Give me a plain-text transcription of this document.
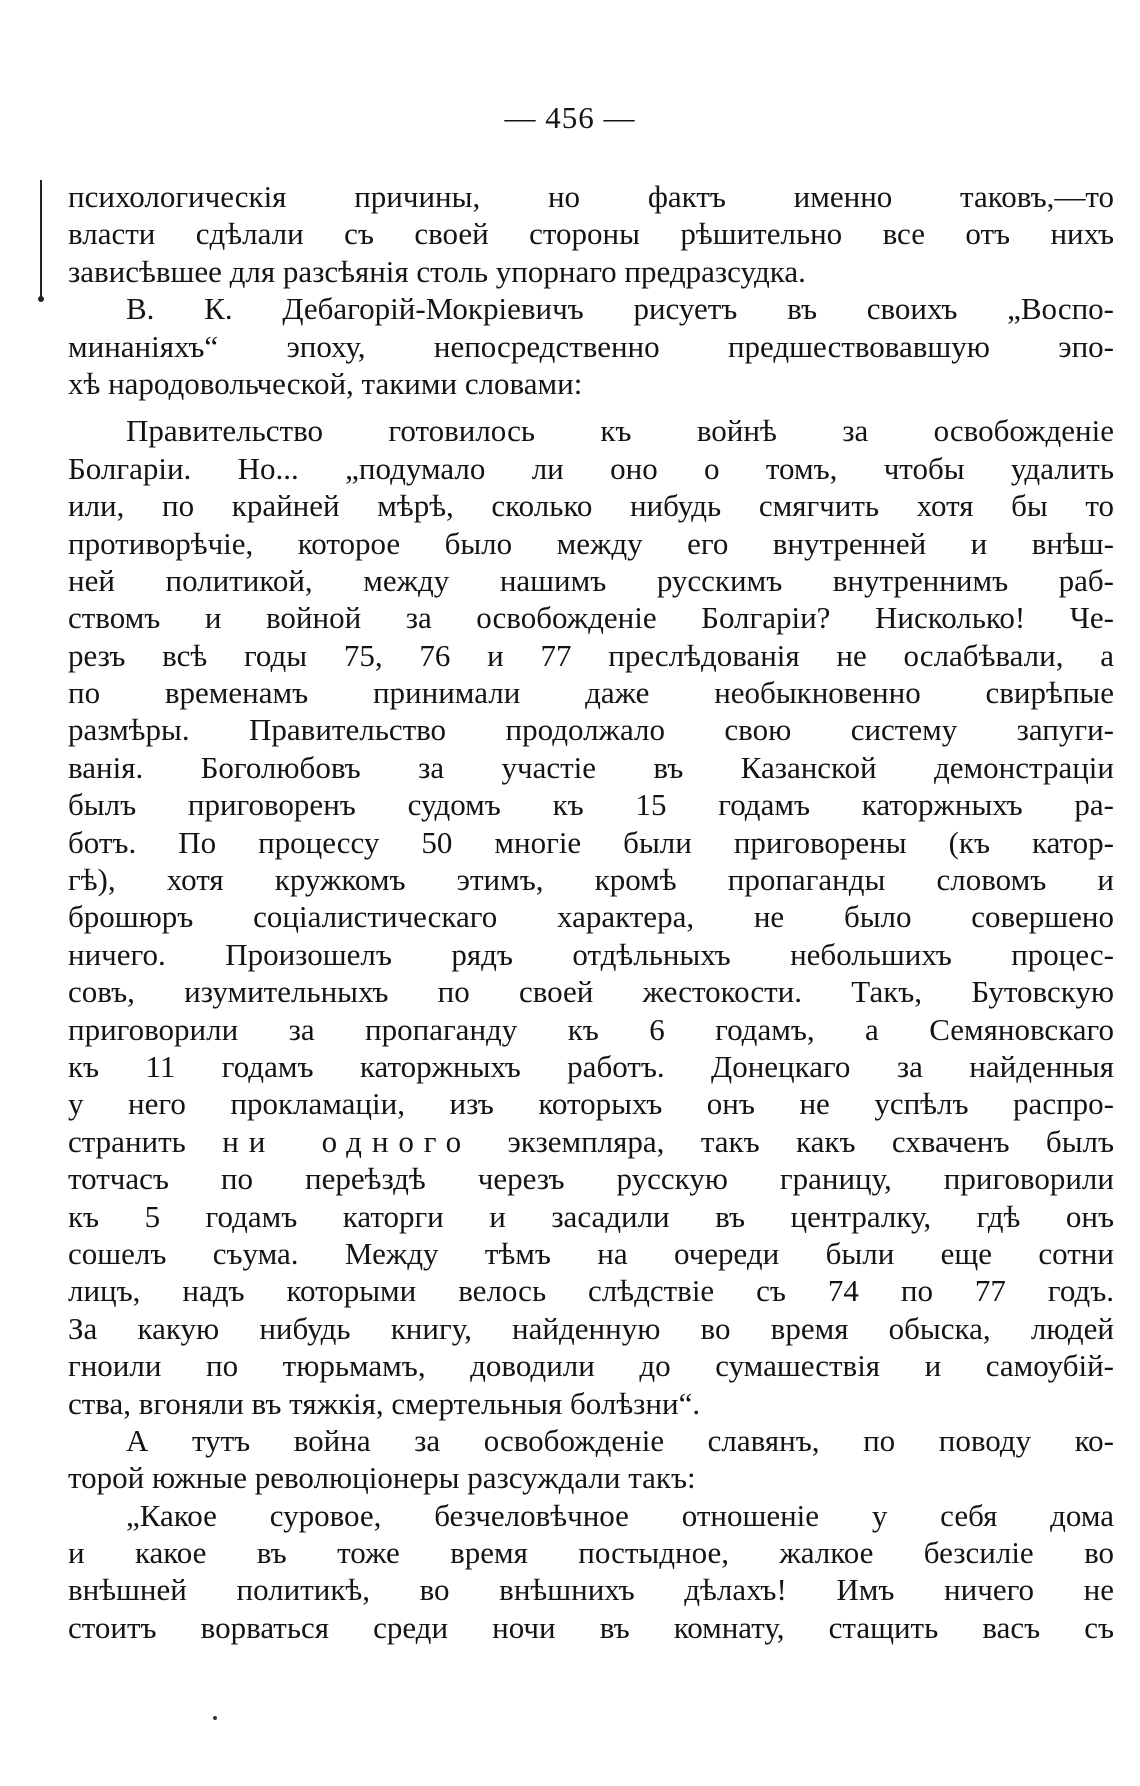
— 456 —
психологическія причины, но фактъ именно таковъ,—то
власти сдѣлали съ своей стороны рѣшительно все отъ нихъ
зависѣвшее для разсѣянія столь упорнаго предразсудка.
В. К. Дебагорій-Мокріевичъ рисуетъ въ своихъ „Воспо-
минаніяхъ“ эпоху, непосредственно предшествовавшую эпо-
хѣ народовольческой, такими словами:
Правительство готовилось къ войнѣ за освобожденіе
Болгаріи. Но... „подумало ли оно о томъ, чтобы удалить
или, по крайней мѣрѣ, сколько нибудь смягчить хотя бы то
противорѣчіе, которое было между его внутренней и внѣш-
ней политикой, между нашимъ русскимъ внутреннимъ раб-
ствомъ и войной за освобожденіе Болгаріи? Нисколько! Че-
резъ всѣ годы 75, 76 и 77 преслѣдованія не ослабѣвали, а
по временамъ принимали даже необыкновенно свирѣпые
размѣры. Правительство продолжало свою систему запуги-
ванія. Боголюбовъ за участіе въ Казанской демонстраціи
былъ приговоренъ судомъ къ 15 годамъ каторжныхъ ра-
ботъ. По процессу 50 многіе были приговорены (къ катор-
гѣ), хотя кружкомъ этимъ, кромѣ пропаганды словомъ и
брошюръ соціалистическаго характера, не было совершено
ничего. Произошелъ рядъ отдѣльныхъ небольшихъ процес-
совъ, изумительныхъ по своей жестокости. Такъ, Бутовскую
приговорили за пропаганду къ 6 годамъ, а Семяновскаго
къ 11 годамъ каторжныхъ работъ. Донецкаго за найденныя
у него прокламаціи, изъ которыхъ онъ не успѣлъ распро-
странить ни одного экземпляра, такъ какъ схваченъ былъ
тотчасъ по переѣздѣ черезъ русскую границу, приговорили
къ 5 годамъ каторги и засадили въ централку, гдѣ онъ
сошелъ съума. Между тѣмъ на очереди были еще сотни
лицъ, надъ которыми велось слѣдствіе съ 74 по 77 годъ.
За какую нибудь книгу, найденную во время обыска, людей
гноили по тюрьмамъ, доводили до сумашествія и самоубій-
ства, вгоняли въ тяжкія, смертельныя болѣзни“.
А тутъ война за освобожденіе славянъ, по поводу ко-
торой южные революціонеры разсуждали такъ:
„Какое суровое, безчеловѣчное отношеніе у себя дома
и какое въ тоже время постыдное, жалкое безсиліе во
внѣшней политикѣ, во внѣшнихъ дѣлахъ! Имъ ничего не
стоитъ ворваться среди ночи въ комнату, стащить васъ съ
